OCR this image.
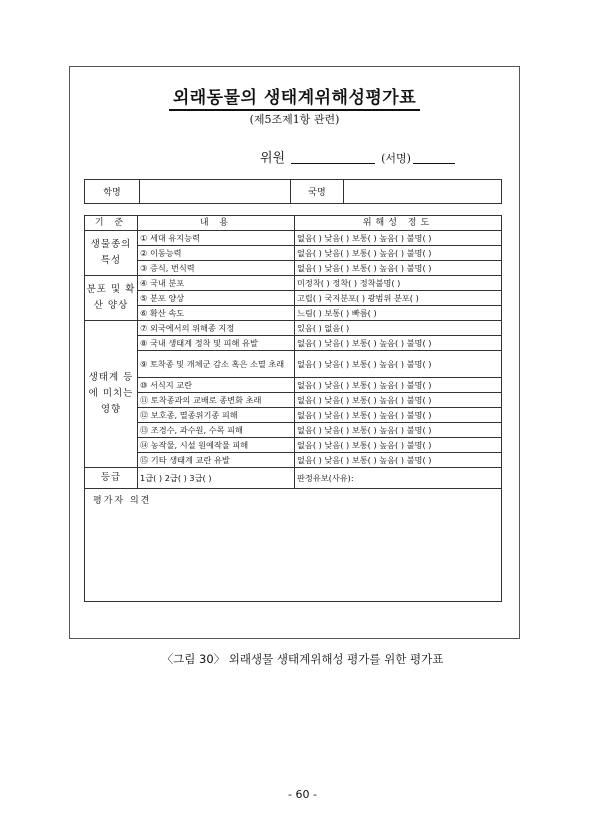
외래동물의 생태계위해성평가표
(제5조제1항 관련)
위원	(서명)
학명		국명	
기 준	내 용	위해성 정도
생물종의 특성	① 세대 유지능력	없음( ) 낮음( ) 보통( ) 높음( ) 불명( )
	② 이동능력	없음( ) 낮음( ) 보통( ) 높음( ) 불명( )
	③ 증식, 번식력	없음( ) 낮음( ) 보통( ) 높음( ) 불명( )
분포 및 확산 양상	④ 국내 분포	미정착( ) 정착( ) 정착불명( )
	⑤ 분포 양상	고립( ) 국지분포( ) 광범위 분포( )
	⑥ 확산 속도	느림( ) 보통( ) 빠름( )
생태계 등에 미치는 영향	⑦ 외국에서의 위해종 지정	있음( ) 없음( )
	⑧ 국내 생태계 정착 및 피해 유발	없음( ) 낮음( ) 보통( ) 높음( ) 불명( )
	⑨ 토착종 및 개체군 감소 혹은 소멸 초래	없음( ) 낮음( ) 보통( ) 높음( ) 불명( )
	⑩ 서식지 교란	없음( ) 낮음( ) 보통( ) 높음( ) 불명( )
	⑪ 토착종과의 교배로 종변화 초래	없음( ) 낮음( ) 보통( ) 높음( ) 불명( )
	⑫ 보호종, 멸종위기종 피해	없음( ) 낮음( ) 보통( ) 높음( ) 불명( )
	⑬ 조경수, 과수원, 수목 피해	없음( ) 낮음( ) 보통( ) 높음( ) 불명( )
	⑭ 농작물, 시설 원예작물 피해	없음( ) 낮음( ) 보통( ) 높음( ) 불명( )
	⑮ 기타 생태계 교란 유발	없음( ) 낮음( ) 보통( ) 높음( ) 불명( )
등급	1급( ) 2급( ) 3급( )	판정유보(사유):
평가자 의견		
〈그림 30〉 외래생물 생태계위해성 평가를 위한 평가표
- 60 -
